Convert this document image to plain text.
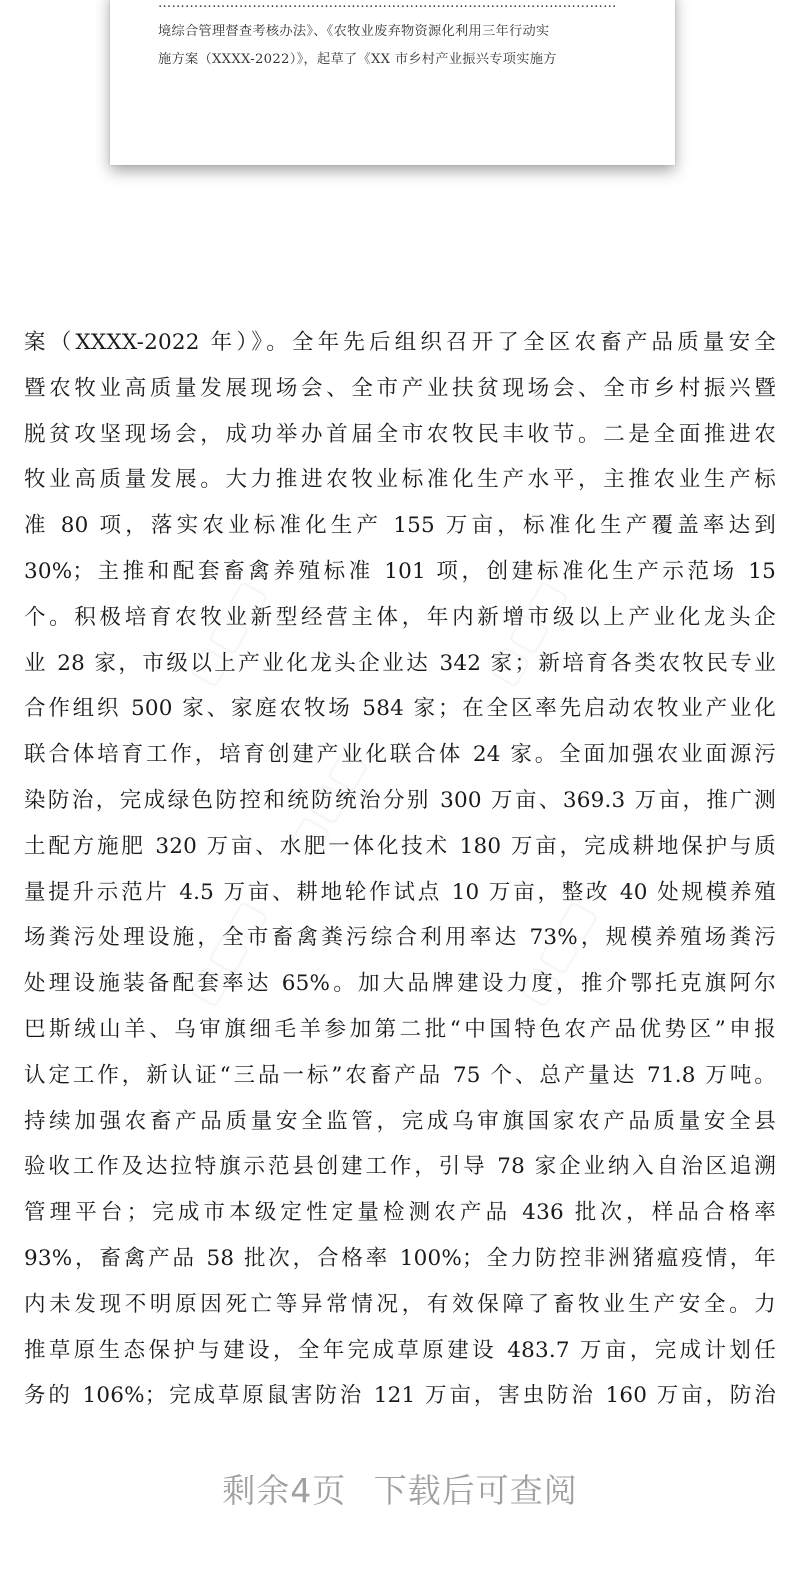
…………………………………………………………………………………………
境综合管理督查考核办法》、《农牧业废弃物资源化利用三年行动实
施方案（XXXX-2022）》，起草了《XX 市乡村产业振兴专项实施方
案（XXXX-2022 年）》。全年先后组织召开了全区农畜产品质量安全
暨农牧业高质量发展现场会、全市产业扶贫现场会、全市乡村振兴暨
脱贫攻坚现场会，成功举办首届全市农牧民丰收节。二是全面推进农
牧业高质量发展。大力推进农牧业标准化生产水平，主推农业生产标
准 80 项，落实农业标准化生产 155 万亩，标准化生产覆盖率达到
30%；主推和配套畜禽养殖标准 101 项，创建标准化生产示范场 15
个。积极培育农牧业新型经营主体，年内新增市级以上产业化龙头企
业 28 家，市级以上产业化龙头企业达 342 家；新培育各类农牧民专业
合作组织 500 家、家庭农牧场 584 家；在全区率先启动农牧业产业化
联合体培育工作，培育创建产业化联合体 24 家。全面加强农业面源污
染防治，完成绿色防控和统防统治分别 300 万亩、369.3 万亩，推广测
土配方施肥 320 万亩、水肥一体化技术 180 万亩，完成耕地保护与质
量提升示范片 4.5 万亩、耕地轮作试点 10 万亩，整改 40 处规模养殖
场粪污处理设施，全市畜禽粪污综合利用率达 73%，规模养殖场粪污
处理设施装备配套率达 65%。加大品牌建设力度，推介鄂托克旗阿尔
巴斯绒山羊、乌审旗细毛羊参加第二批“中国特色农产品优势区”申报
认定工作，新认证“三品一标”农畜产品 75 个、总产量达 71.8 万吨。
持续加强农畜产品质量安全监管，完成乌审旗国家农产品质量安全县
验收工作及达拉特旗示范县创建工作，引导 78 家企业纳入自治区追溯
管理平台；完成市本级定性定量检测农产品 436 批次，样品合格率
93%，畜禽产品 58 批次，合格率 100%；全力防控非洲猪瘟疫情，年
内未发现不明原因死亡等异常情况，有效保障了畜牧业生产安全。力
推草原生态保护与建设，全年完成草原建设 483.7 万亩，完成计划任
务的 106%；完成草原鼠害防治 121 万亩，害虫防治 160 万亩，防治
剩余4页 下载后可查阅
